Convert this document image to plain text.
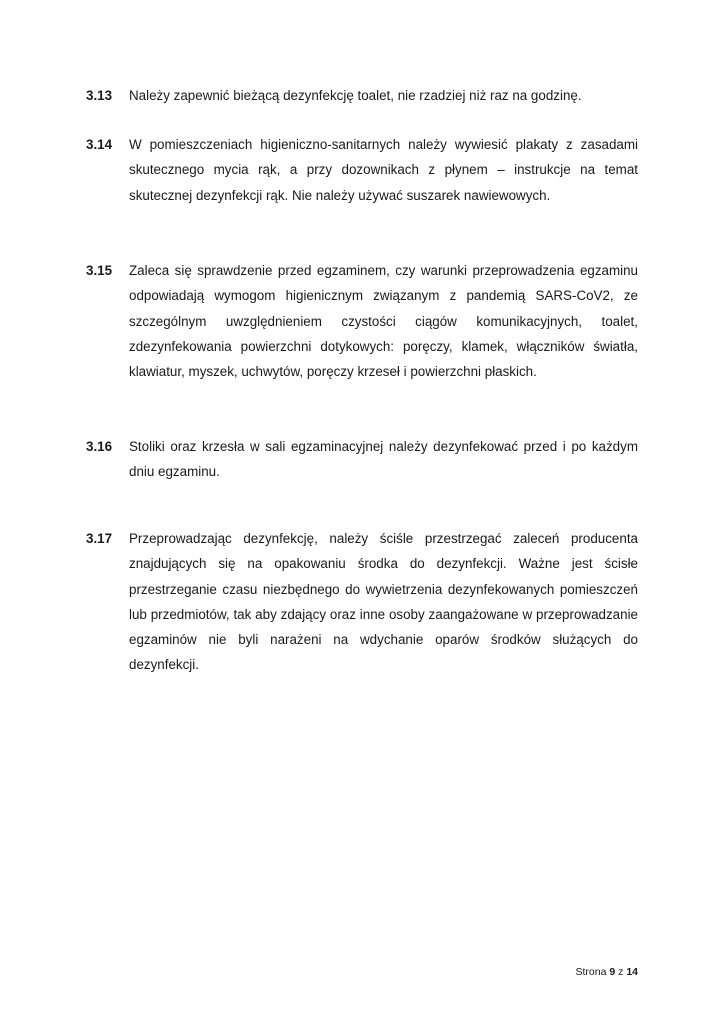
3.13	Należy zapewnić bieżącą dezynfekcję toalet, nie rzadziej niż raz na godzinę.
3.14	W pomieszczeniach higieniczno-sanitarnych należy wywiesić plakaty z zasadami skutecznego mycia rąk, a przy dozownikach z płynem – instrukcje na temat skutecznej dezynfekcji rąk. Nie należy używać suszarek nawiewowych.
3.15	Zaleca się sprawdzenie przed egzaminem, czy warunki przeprowadzenia egzaminu odpowiadają wymogom higienicznym związanym z pandemią SARS-CoV2, ze szczególnym uwzględnieniem czystości ciągów komunikacyjnych, toalet, zdezynfekowania powierzchni dotykowych: poręczy, klamek, włączników światła, klawiatur, myszek, uchwytów, poręczy krzeseł i powierzchni płaskich.
3.16	Stoliki oraz krzesła w sali egzaminacyjnej należy dezynfekować przed i po każdym dniu egzaminu.
3.17	Przeprowadzając dezynfekcję, należy ściśle przestrzegać zaleceń producenta znajdujących się na opakowaniu środka do dezynfekcji. Ważne jest ścisłe przestrzeganie czasu niezbędnego do wywietrzenia dezynfekowanych pomieszczeń lub przedmiotów, tak aby zdający oraz inne osoby zaangażowane w przeprowadzanie egzaminów nie byli narażeni na wdychanie oparów środków służących do dezynfekcji.
Strona 9 z 14
